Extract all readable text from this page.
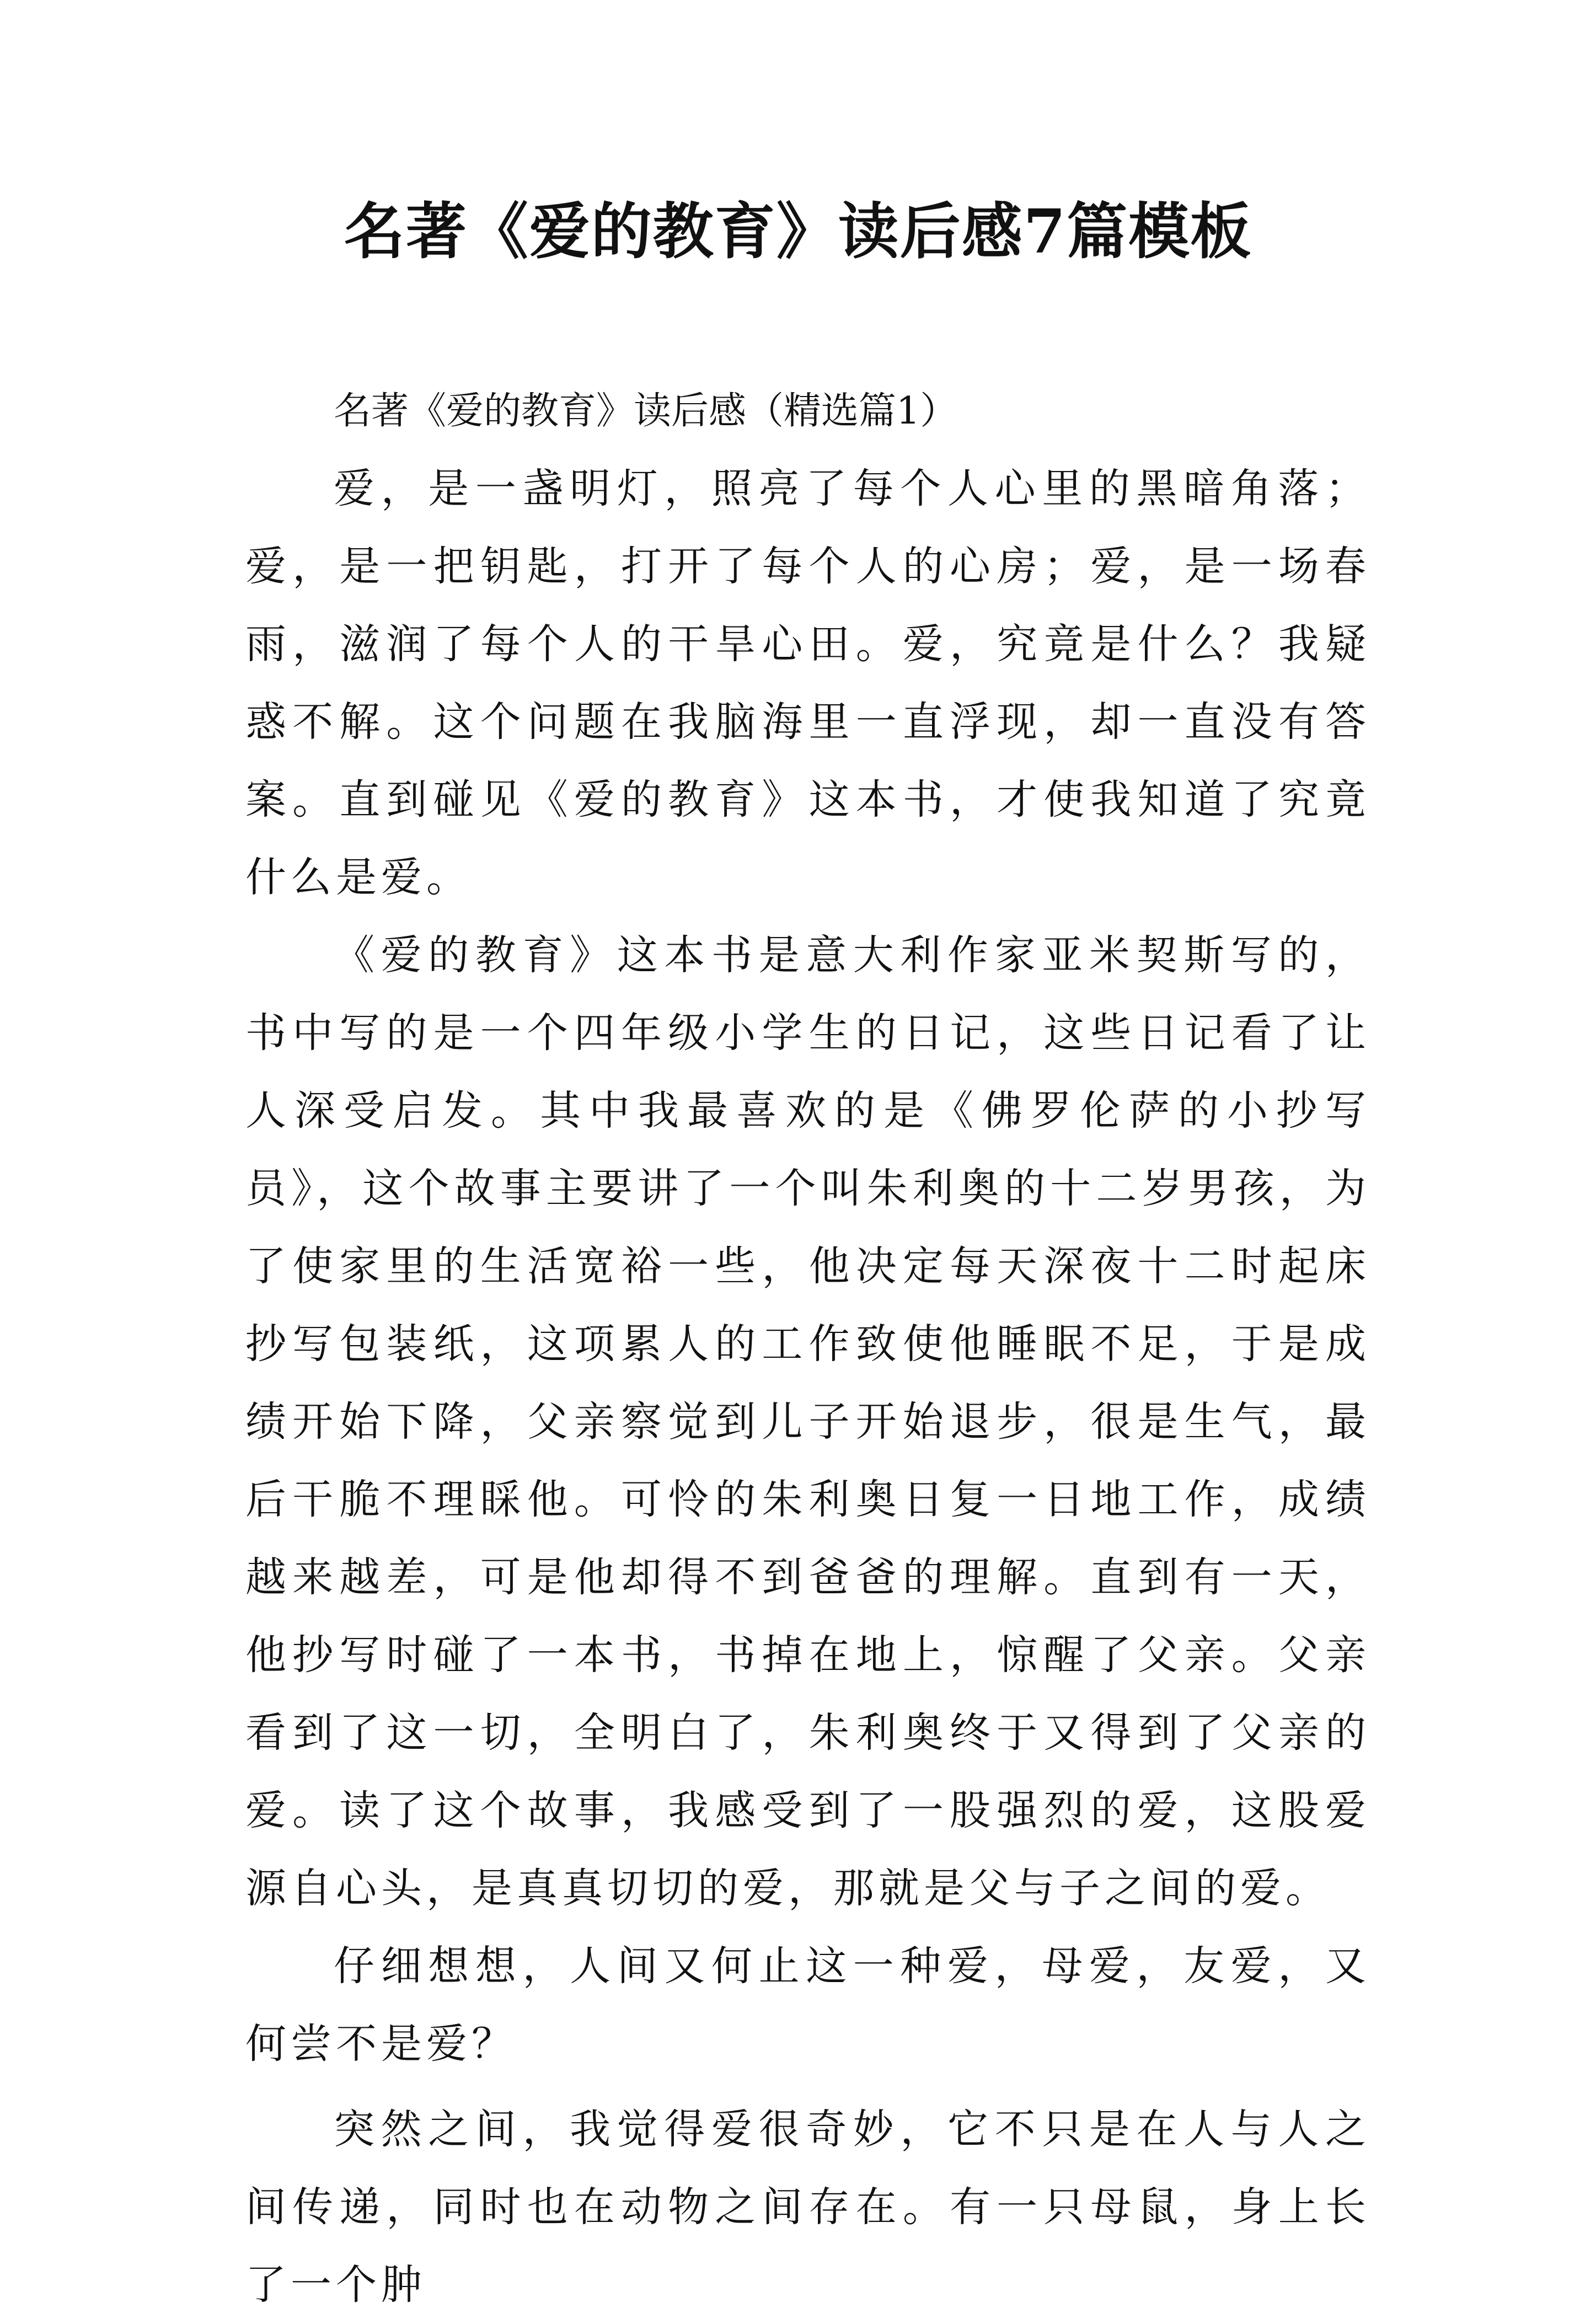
名著《爱的教育》读后感7篇模板

名著《爱的教育》读后感（精选篇1）

爱，是一盏明灯，照亮了每个人心里的黑暗角落；爱，是一把钥匙，打开了每个人的心房；爱，是一场春雨，滋润了每个人的干旱心田。爱，究竟是什么？我疑惑不解。这个问题在我脑海里一直浮现，却一直没有答案。直到碰见《爱的教育》这本书，才使我知道了究竟什么是爱。

《爱的教育》这本书是意大利作家亚米契斯写的，书中写的是一个四年级小学生的日记，这些日记看了让人深受启发。其中我最喜欢的是《佛罗伦萨的小抄写员》，这个故事主要讲了一个叫朱利奥的十二岁男孩，为了使家里的生活宽裕一些，他决定每天深夜十二时起床抄写包装纸，这项累人的工作致使他睡眠不足，于是成绩开始下降，父亲察觉到儿子开始退步，很是生气，最后干脆不理睬他。可怜的朱利奥日复一日地工作，成绩越来越差，可是他却得不到爸爸的理解。直到有一天，他抄写时碰了一本书，书掉在地上，惊醒了父亲。父亲看到了这一切，全明白了，朱利奥终于又得到了父亲的爱。读了这个故事，我感受到了一股强烈的爱，这股爱源自心头，是真真切切的爱，那就是父与子之间的爱。

仔细想想，人间又何止这一种爱，母爱，友爱，又何尝不是爱？

突然之间，我觉得爱很奇妙，它不只是在人与人之间传递，同时也在动物之间存在。有一只母鼠，身上长了一个肿
